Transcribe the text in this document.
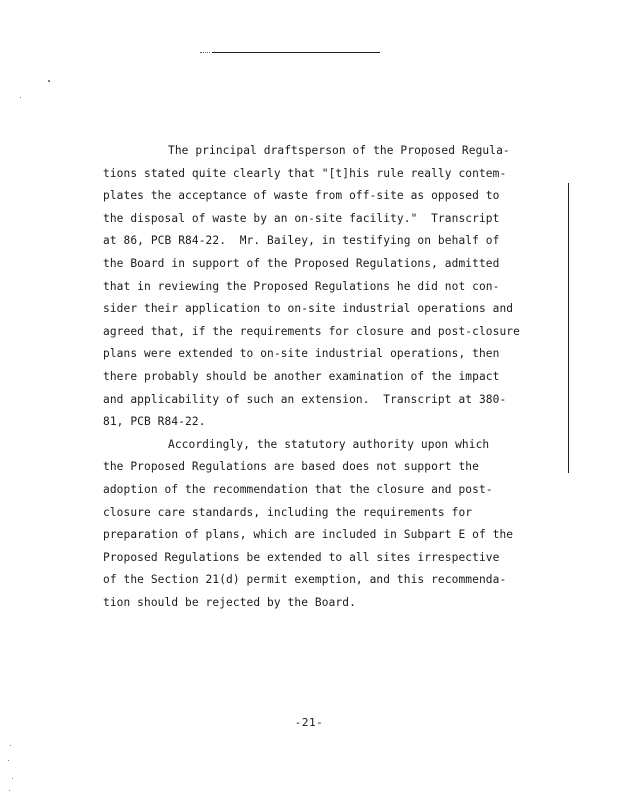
The principal draftsperson of the Proposed Regula-
tions stated quite clearly that "[t]his rule really contem-
plates the acceptance of waste from off-site as opposed to
the disposal of waste by an on-site facility."  Transcript
at 86, PCB R84-22.  Mr. Bailey, in testifying on behalf of
the Board in support of the Proposed Regulations, admitted
that in reviewing the Proposed Regulations he did not con-
sider their application to on-site industrial operations and
agreed that, if the requirements for closure and post-closure
plans were extended to on-site industrial operations, then
there probably should be another examination of the impact
and applicability of such an extension.  Transcript at 380-
81, PCB R84-22.
Accordingly, the statutory authority upon which
the Proposed Regulations are based does not support the
adoption of the recommendation that the closure and post-
closure care standards, including the requirements for
preparation of plans, which are included in Subpart E of the
Proposed Regulations be extended to all sites irrespective
of the Section 21(d) permit exemption, and this recommenda-
tion should be rejected by the Board.
-21-
